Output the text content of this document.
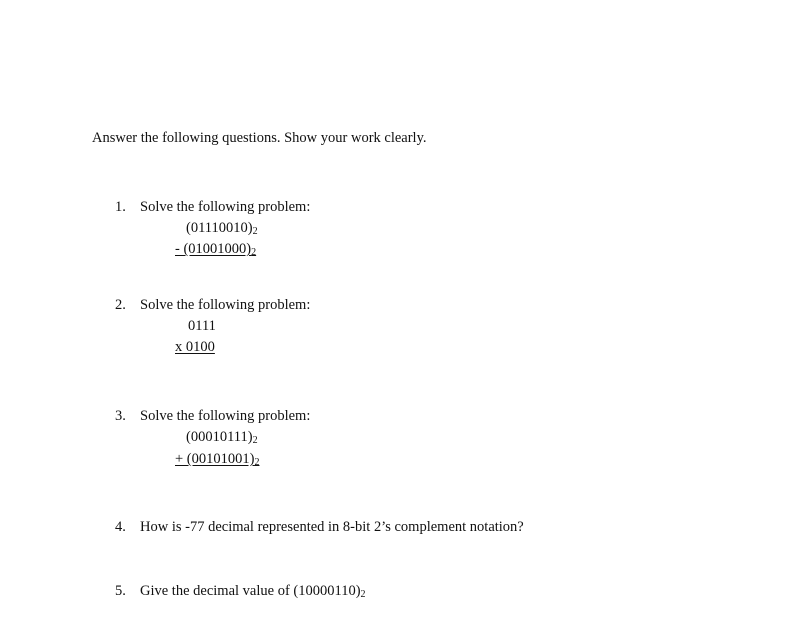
Answer the following questions. Show your work clearly.
1. Solve the following problem:
$(01110010)_2$
- $(01001000)_2$
2. Solve the following problem:
0111
x 0100
3. Solve the following problem:
$(00010111)_2$
+ $(00101001)_2$
4. How is -77 decimal represented in 8-bit 2’s complement notation?
5. Give the decimal value of $(10000110)_2$
